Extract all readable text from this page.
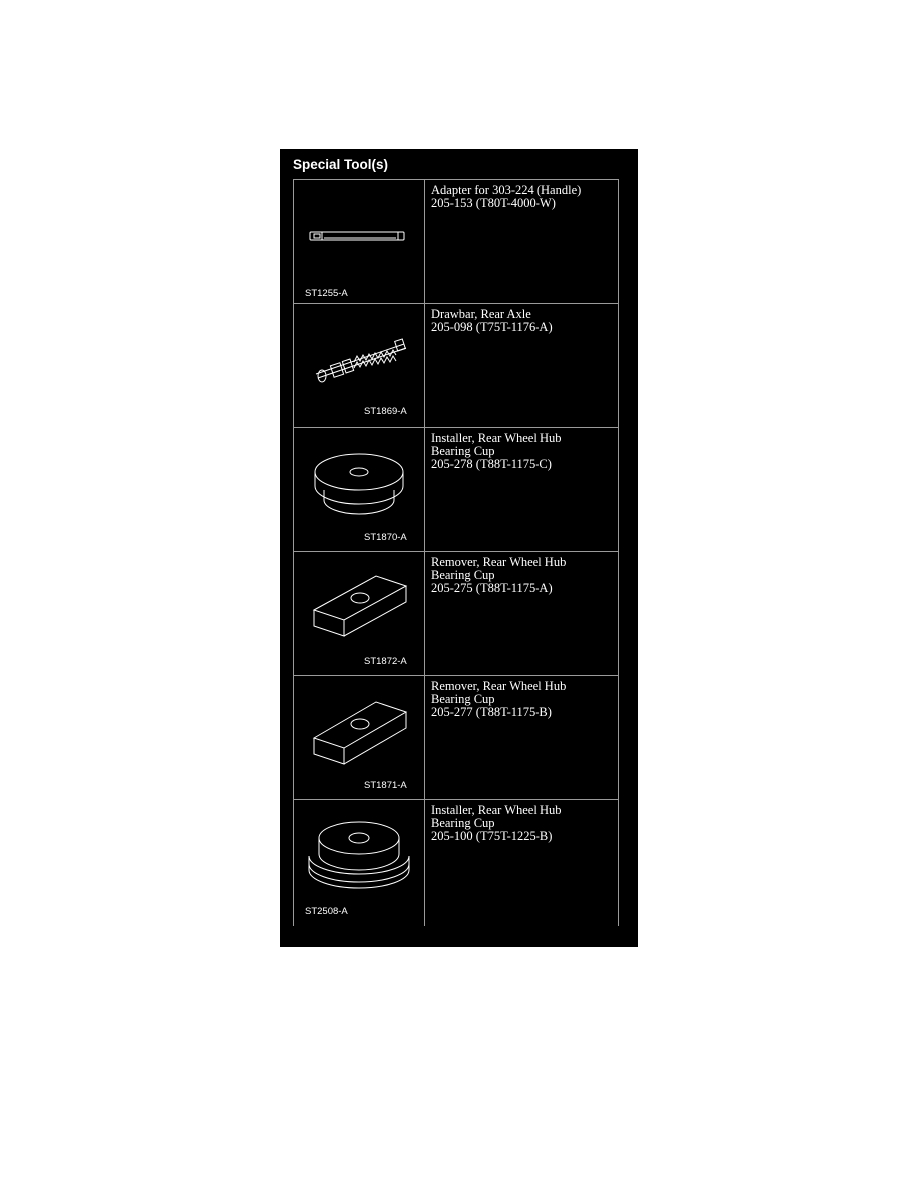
Special Tool(s)
ST1255-A
Adapter for 303-224 (Handle)
205-153 (T80T-4000-W)
ST1869-A
Drawbar, Rear Axle
205-098 (T75T-1176-A)
ST1870-A
Installer, Rear Wheel Hub
Bearing Cup
205-278 (T88T-1175-C)
ST1872-A
Remover, Rear Wheel Hub
Bearing Cup
205-275 (T88T-1175-A)
ST1871-A
Remover, Rear Wheel Hub
Bearing Cup
205-277 (T88T-1175-B)
ST2508-A
Installer, Rear Wheel Hub
Bearing Cup
205-100 (T75T-1225-B)
